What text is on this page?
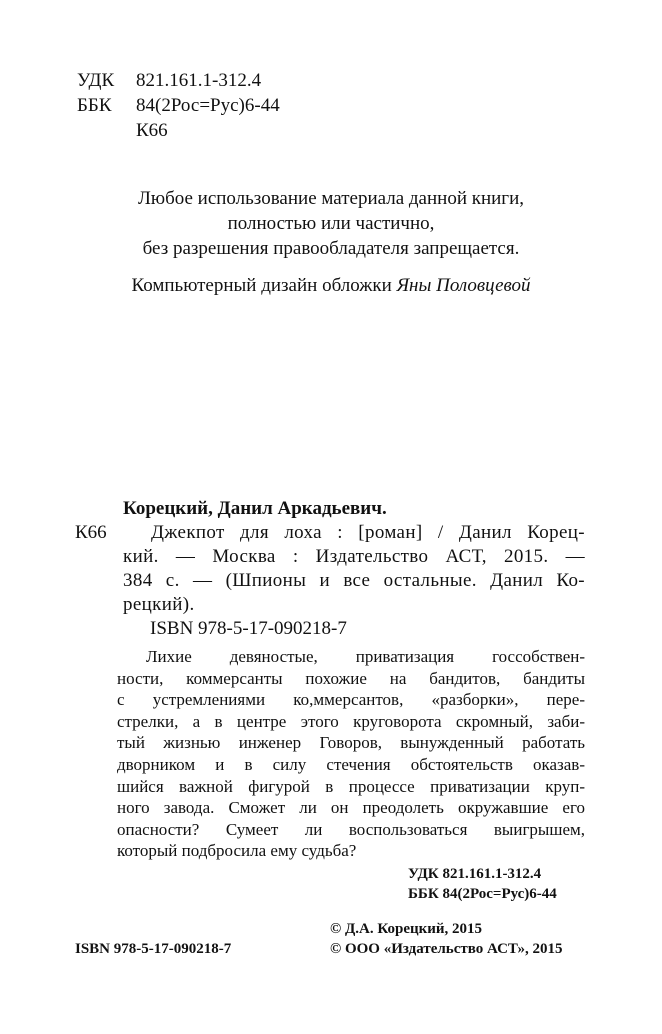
УДК	821.161.1-312.4
ББК	84(2Рос=Рус)6-44
К66
Любое использование материала данной книги,
полностью или частично,
без разрешения правообладателя запрещается.
Компьютерный дизайн обложки Яны Половцевой
Корецкий, Данил Аркадьевич.
К66	Джекпот для лоха : [роман] / Данил Корец-
кий. — Москва : Издательство АСТ, 2015. —
384 с. — (Шпионы и все остальные. Данил Ко-
рецкий).
ISBN 978-5-17-090218-7
Лихие девяностые, приватизация госсобствен-
ности, коммерсанты похожие на бандитов, бандиты
с устремлениями ко,ммерсантов, «разборки», пере-
стрелки, а в центре этого круговорота скромный, заби-
тый жизнью инженер Говоров, вынужденный работать
дворником и в силу стечения обстоятельств оказав-
шийся важной фигурой в процессе приватизации круп-
ного завода. Сможет ли он преодолеть окружавшие его
опасности? Сумеет ли воспользоваться выигрышем,
который подбросила ему судьба?
УДК 821.161.1-312.4
ББК 84(2Рос=Рус)6-44
© Д.А. Корецкий, 2015
© ООО «Издательство АСТ», 2015
ISBN 978-5-17-090218-7
